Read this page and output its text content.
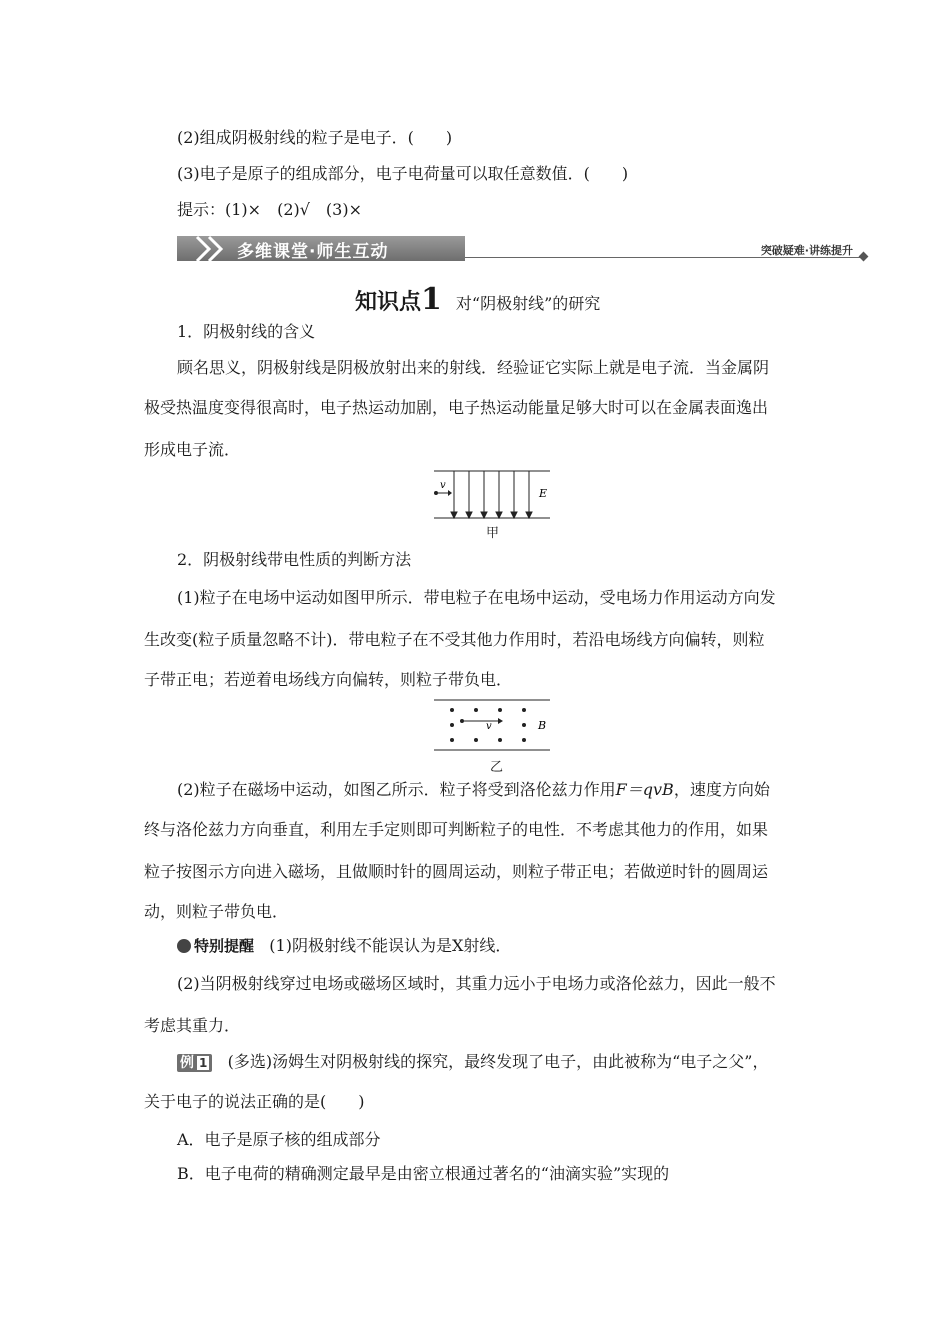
(2)组成阴极射线的粒子是电子．(　　)
(3)电子是原子的组成部分，电子电荷量可以取任意数值．(　　)
提示：(1)×　(2)√　(3)×
多维课堂·师生互动	突破疑难·讲练提升
知识点1 对“阴极射线”的研究
1．阴极射线的含义
顾名思义，阴极射线是阴极放射出来的射线．经验证它实际上就是电子流．当金属阴
极受热温度变得很高时，电子热运动加剧，电子热运动能量足够大时可以在金属表面逸出
形成电子流．
v
E
甲
2．阴极射线带电性质的判断方法
(1)粒子在电场中运动如图甲所示．带电粒子在电场中运动，受电场力作用运动方向发
生改变(粒子质量忽略不计)．带电粒子在不受其他力作用时，若沿电场线方向偏转，则粒
子带正电；若逆着电场线方向偏转，则粒子带负电．
v	B
乙
(2)粒子在磁场中运动，如图乙所示．粒子将受到洛伦兹力作用F＝qvB，速度方向始
终与洛伦兹力方向垂直，利用左手定则即可判断粒子的电性．不考虑其他力的作用，如果
粒子按图示方向进入磁场，且做顺时针的圆周运动，则粒子带正电；若做逆时针的圆周运
动，则粒子带负电．
特别提醒 (1)阴极射线不能误认为是X射线．
(2)当阴极射线穿过电场或磁场区域时，其重力远小于电场力或洛伦兹力，因此一般不
考虑其重力．
例 1 (多选)汤姆生对阴极射线的探究，最终发现了电子，由此被称为“电子之父”，
关于电子的说法正确的是(　　)
A．电子是原子核的组成部分
B．电子电荷的精确测定最早是由密立根通过著名的“油滴实验”实现的
